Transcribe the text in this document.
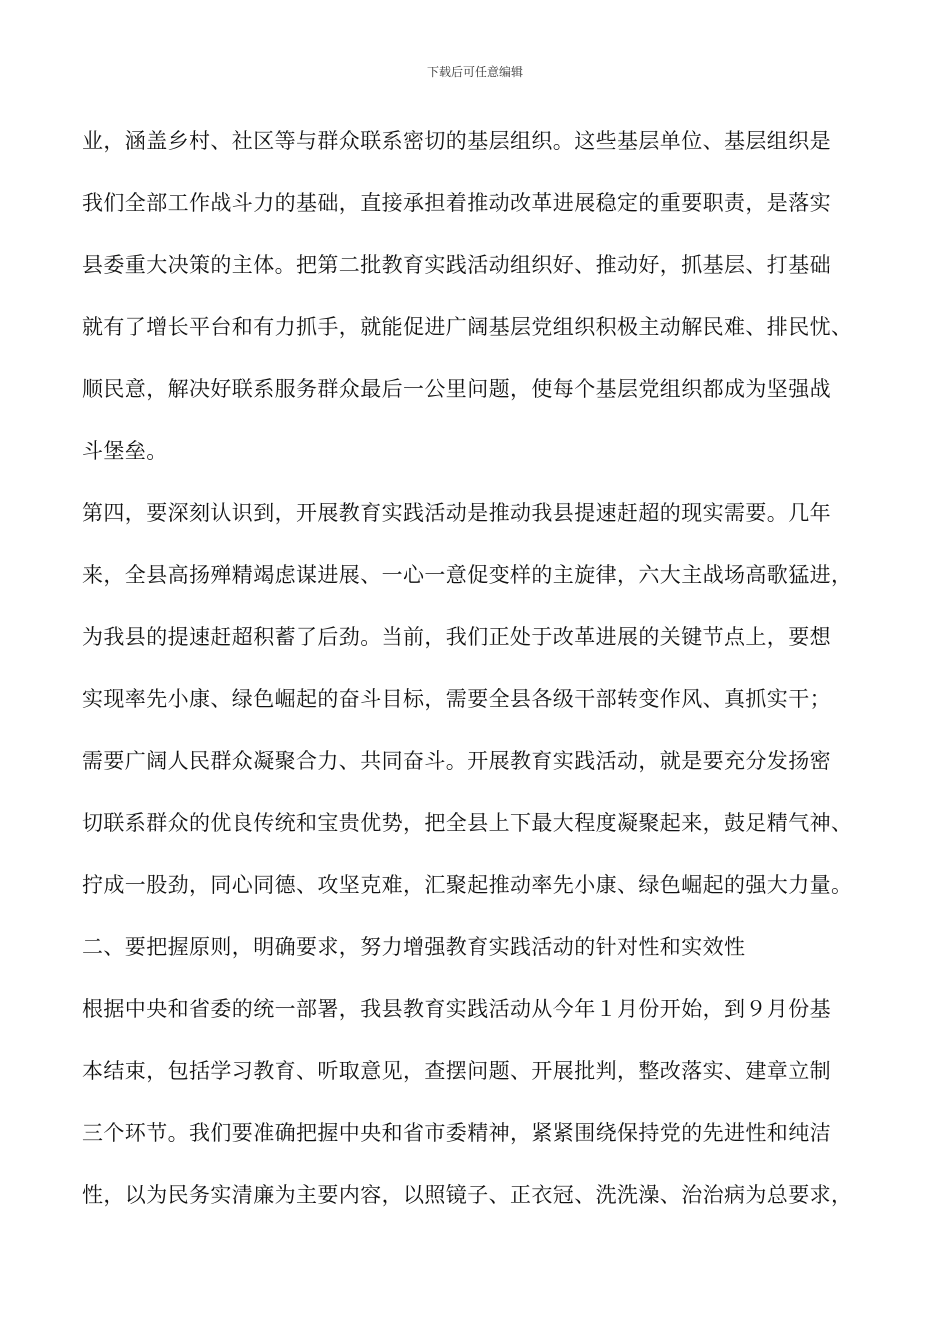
下载后可任意编辑
业，涵盖乡村、社区等与群众联系密切的基层组织。这些基层单位、基层组织是
我们全部工作战斗力的基础，直接承担着推动改革进展稳定的重要职责，是落实
县委重大决策的主体。把第二批教育实践活动组织好、推动好，抓基层、打基础
就有了增长平台和有力抓手，就能促进广阔基层党组织积极主动解民难、排民忧、
顺民意，解决好联系服务群众最后一公里问题，使每个基层党组织都成为坚强战
斗堡垒。
第四，要深刻认识到，开展教育实践活动是推动我县提速赶超的现实需要。几年
来，全县高扬殚精竭虑谋进展、一心一意促变样的主旋律，六大主战场高歌猛进，
为我县的提速赶超积蓄了后劲。当前，我们正处于改革进展的关键节点上，要想
实现率先小康、绿色崛起的奋斗目标，需要全县各级干部转变作风、真抓实干；
需要广阔人民群众凝聚合力、共同奋斗。开展教育实践活动，就是要充分发扬密
切联系群众的优良传统和宝贵优势，把全县上下最大程度凝聚起来，鼓足精气神、
拧成一股劲，同心同德、攻坚克难，汇聚起推动率先小康、绿色崛起的强大力量。
二、要把握原则，明确要求，努力增强教育实践活动的针对性和实效性
根据中央和省委的统一部署，我县教育实践活动从今年１月份开始，到９月份基
本结束，包括学习教育、听取意见，查摆问题、开展批判，整改落实、建章立制
三个环节。我们要准确把握中央和省市委精神，紧紧围绕保持党的先进性和纯洁
性，以为民务实清廉为主要内容，以照镜子、正衣冠、洗洗澡、治治病为总要求，
